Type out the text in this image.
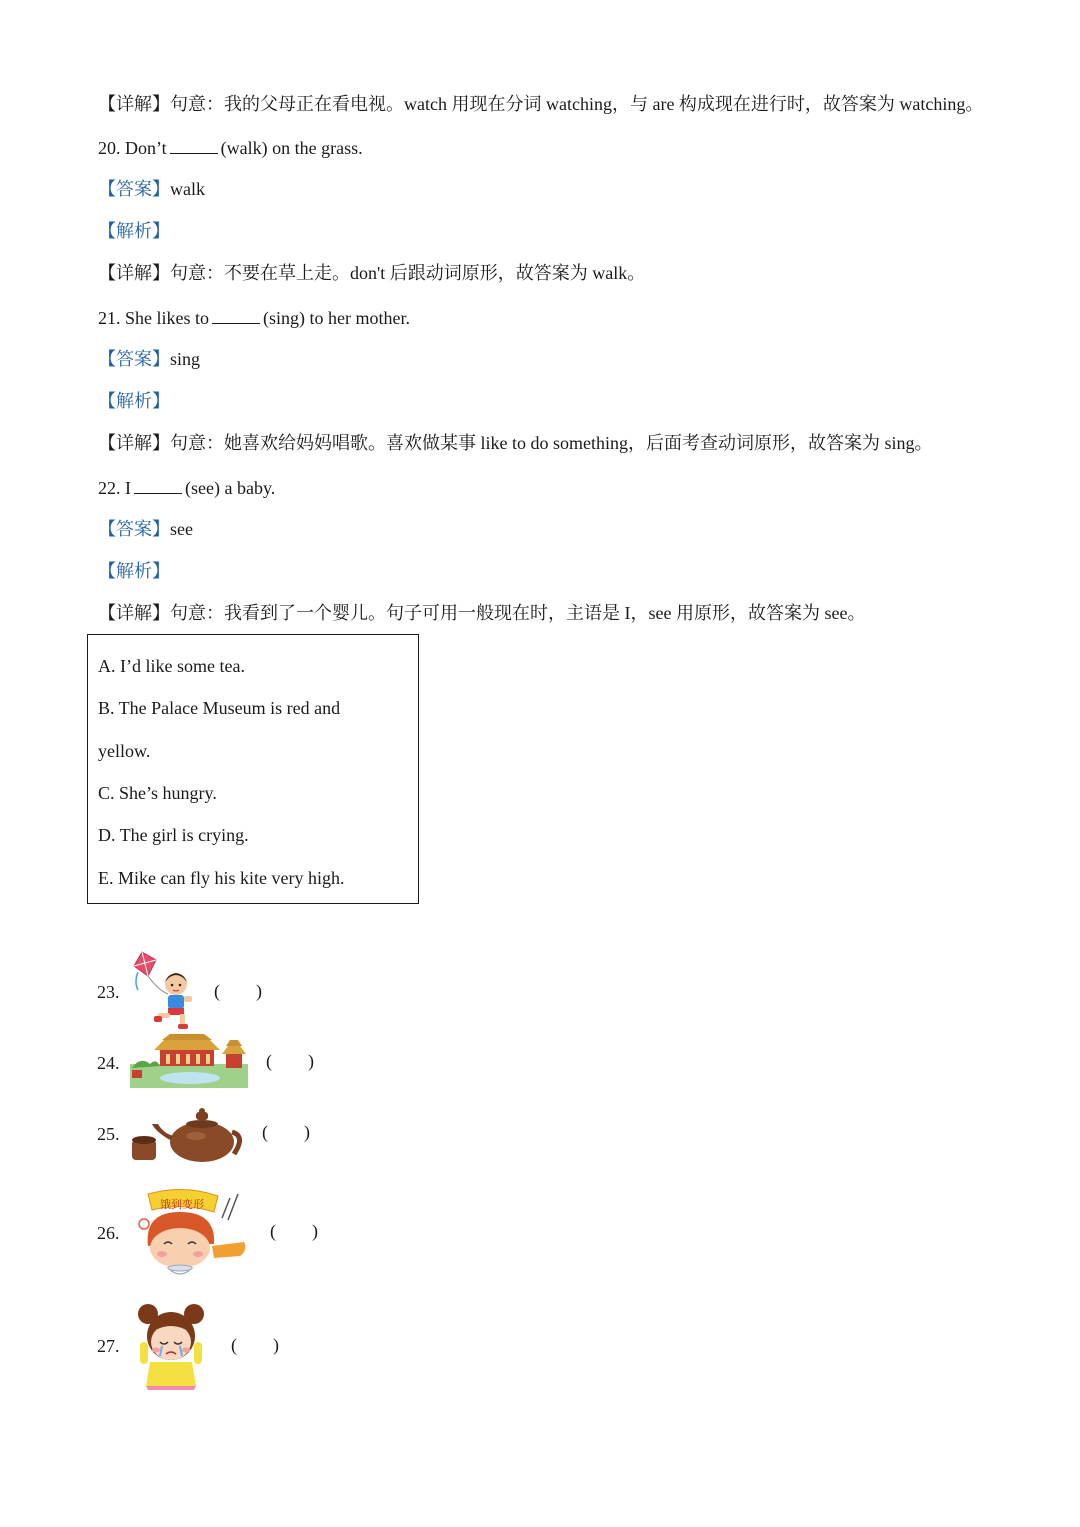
【详解】句意：我的父母正在看电视。watch 用现在分词 watching，与 are 构成现在进行时，故答案为 watching。
20. Don’t	(walk) on the grass.
【答案】walk
【解析】
【详解】句意：不要在草上走。don't 后跟动词原形，故答案为 walk。
21. She likes to	(sing) to her mother.
【答案】sing
【解析】
【详解】句意：她喜欢给妈妈唱歌。喜欢做某事 like to do something，后面考查动词原形，故答案为 sing。
22. I	(see) a baby.
【答案】see
【解析】
【详解】句意：我看到了一个婴儿。句子可用一般现在时，主语是 I，see 用原形，故答案为 see。
A. I’d like some tea.
B. The Palace Museum is red and
yellow.
C. She’s hungry.
D. The girl is crying.
E. Mike can fly his kite very high.
23.	(        )
24.	(        )
25.	(        )
26.
饿到变形
(        )
27.	(        )
